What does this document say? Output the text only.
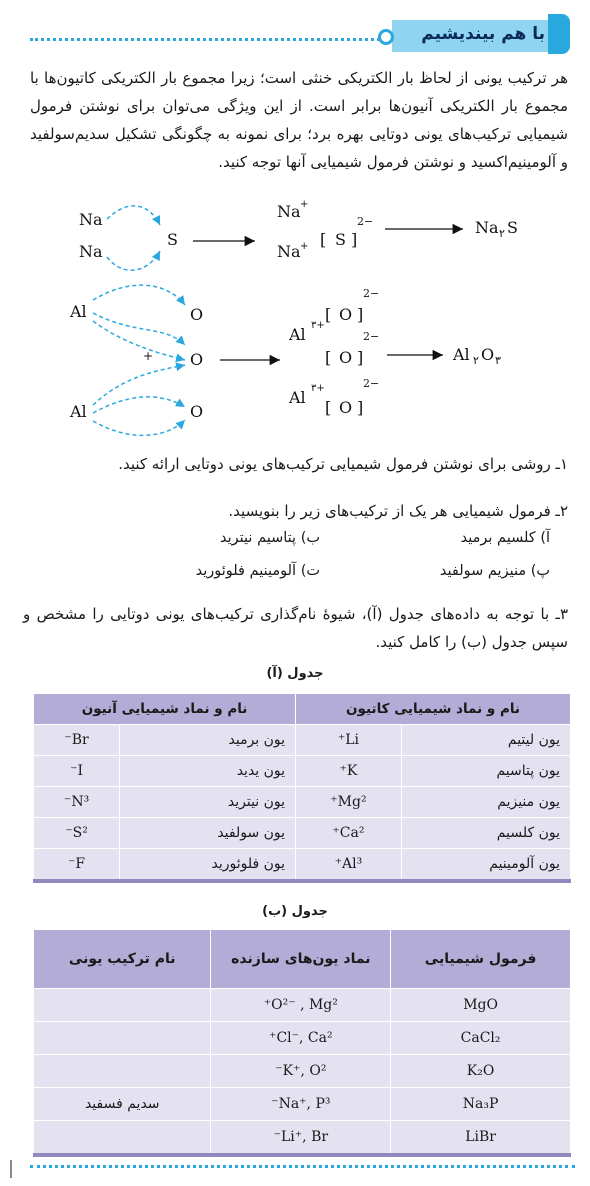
با هم بیندیشیم
هر ترکیب یونی از لحاظ بار الکتریکی خنثی است؛ زیرا مجموع بار الکتریکی کاتیون‌ها با مجموع بار الکتریکی آنیون‌ها برابر است. از این ویژگی می‌توان برای نوشتن فرمول شیمیایی ترکیب‌های یونی دوتایی بهره برد؛ برای نمونه به چگونگی تشکیل سدیم‌سولفید و آلومینیم‌اکسید و نوشتن فرمول شیمیایی آنها توجه کنید.
Na
Na
S
Na +
Na + [ S ]
2−	Na ۲ S
Al
Al
+
O
O
O
Al ۳+
Al ۳+
[ O ]
2−
[ O ]
2−
[ O ]
2−
Al ۲ O ۳
۱ـ روشی برای نوشتن فرمول شیمیایی ترکیب‌های یونی دوتایی ارائه کنید.
۲ـ فرمول شیمیایی هر یک از ترکیب‌های زیر را بنویسید.
آ) کلسیم برمید
ب) پتاسیم نیترید
پ) منیزیم سولفید
ت) آلومینیم فلوئورید
۳ـ با توجه به داده‌های جدول (آ)، شیوهٔ نام‌گذاری ترکیب‌های یونی دوتایی را مشخص و سپس جدول (ب) را کامل کنید.
جدول (آ)
نام و نماد شیمیایی کاتیون		نام و نماد شیمیایی آنیون	
یون لیتیم	Li⁺	یون برمید	Br⁻
یون پتاسیم	K⁺	یون یدید	I⁻
یون منیزیم	Mg²⁺	یون نیترید	N³⁻
یون کلسیم	Ca²⁺	یون سولفید	S²⁻
یون آلومینیم	Al³⁺	یون فلوئورید	F⁻
جدول (ب)
فرمول شیمیایی	نماد یون‌های سازنده	نام ترکیب یونی
MgO	O²⁻ , Mg²⁺	
CaCl₂	Cl⁻, Ca²⁺	
K₂O	K⁺, O²⁻	
Na₃P	Na⁺, P³⁻	سدیم فسفید
LiBr	Li⁺, Br⁻	
